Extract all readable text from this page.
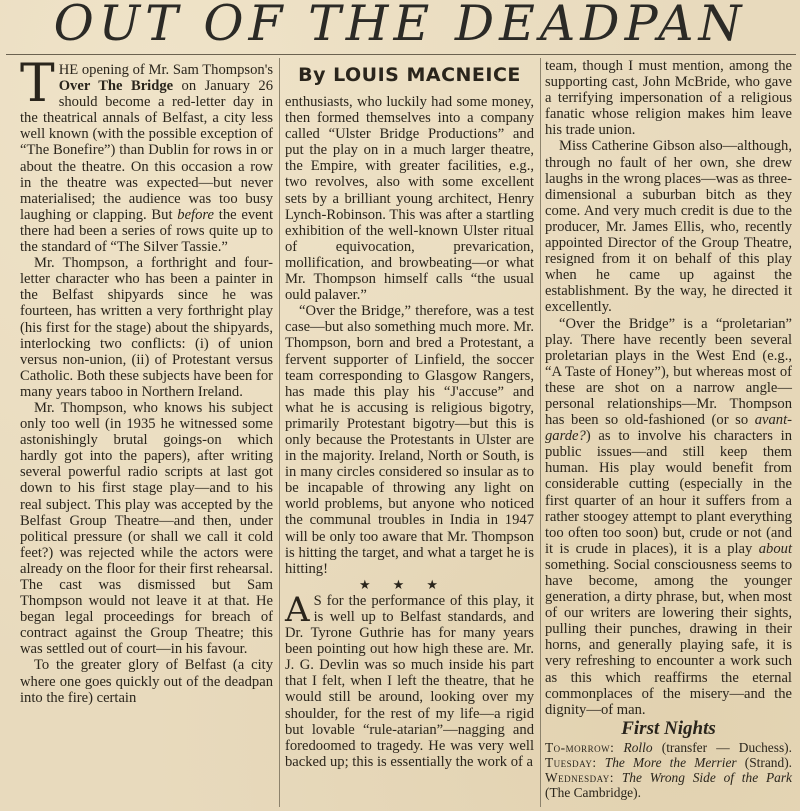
OUT OF THE DEADPAN

THE opening of Mr. Sam Thompson's Over The Bridge on January 26 should become a red-letter day in the theatrical annals of Belfast, a city less well known (with the possible exception of “The Bonefire”) than Dublin for rows in or about the theatre. On this occasion a row in the theatre was expected—but never materialised; the audience was too busy laughing or clapping. But before the event there had been a series of rows quite up to the standard of “The Silver Tassie.”

Mr. Thompson, a forthright and four-letter character who has been a painter in the Belfast shipyards since he was fourteen, has written a very forthright play (his first for the stage) about the shipyards, interlocking two conflicts: (i) of union versus non-union, (ii) of Protestant versus Catholic. Both these subjects have been for many years taboo in Northern Ireland.

Mr. Thompson, who knows his subject only too well (in 1935 he witnessed some astonishingly brutal goings-on which hardly got into the papers), after writing several powerful radio scripts at last got down to his first stage play—and to his real subject. This play was accepted by the Belfast Group Theatre—and then, under political pressure (or shall we call it cold feet?) was rejected while the actors were already on the floor for their first rehearsal. The cast was dismissed but Sam Thompson would not leave it at that. He began legal proceedings for breach of contract against the Group Theatre; this was settled out of court—in his favour.

To the greater glory of Belfast (a city where one goes quickly out of the deadpan into the fire) certain

By LOUIS MACNEICE

enthusiasts, who luckily had some money, then formed themselves into a company called “Ulster Bridge Productions” and put the play on in a much larger theatre, the Empire, with greater facilities, e.g., two revolves, also with some excellent sets by a brilliant young architect, Henry Lynch-Robinson. This was after a startling exhibition of the well-known Ulster ritual of equivocation, prevarication, mollification, and browbeating—or what Mr. Thompson himself calls “the usual ould palaver.”

“Over the Bridge,” therefore, was a test case—but also something much more. Mr. Thompson, born and bred a Protestant, a fervent supporter of Linfield, the soccer team corresponding to Glasgow Rangers, has made this play his “J'accuse” and what he is accusing is religious bigotry, primarily Protestant bigotry—but this is only because the Protestants in Ulster are in the majority. Ireland, North or South, is in many circles considered so insular as to be incapable of throwing any light on world problems, but anyone who noticed the communal troubles in India in 1947 will be only too aware that Mr. Thompson is hitting the target, and what a target he is hitting!

★★★

A S for the performance of this play, it is well up to Belfast standards, and Dr. Tyrone Guthrie has for many years been pointing out how high these are. Mr. J. G. Devlin was so much inside his part that I felt, when I left the theatre, that he would still be around, looking over my shoulder, for the rest of my life—a rigid but lovable “rule-atarian”—nagging and foredoomed to tragedy. He was very well backed up; this is essentially the work of a

team, though I must mention, among the supporting cast, John McBride, who gave a terrifying impersonation of a religious fanatic whose religion makes him leave his trade union.

Miss Catherine Gibson also—although, through no fault of her own, she drew laughs in the wrong places—was as three-dimensional a suburban bitch as they come. And very much credit is due to the producer, Mr. James Ellis, who, recently appointed Director of the Group Theatre, resigned from it on behalf of this play when he came up against the establishment. By the way, he directed it excellently.

“Over the Bridge” is a “proletarian” play. There have recently been several proletarian plays in the West End (e.g., “A Taste of Honey”), but whereas most of these are shot on a narrow angle—personal relationships—Mr. Thompson has been so old-fashioned (or so avant-garde?) as to involve his characters in public issues—and still keep them human. His play would benefit from considerable cutting (especially in the first quarter of an hour it suffers from a rather stoogey attempt to plant everything too often too soon) but, crude or not (and it is crude in places), it is a play about something. Social consciousness seems to have become, among the younger generation, a dirty phrase, but, when most of our writers are lowering their sights, pulling their punches, drawing in their horns, and generally playing safe, it is very refreshing to encounter a work such as this which reaffirms the eternal commonplaces of the misery—and the dignity—of man.

First Nights

To-morrow: Rollo (transfer — Duchess). Tuesday: The More the Merrier (Strand). Wednesday: The Wrong Side of the Park (The Cambridge).
